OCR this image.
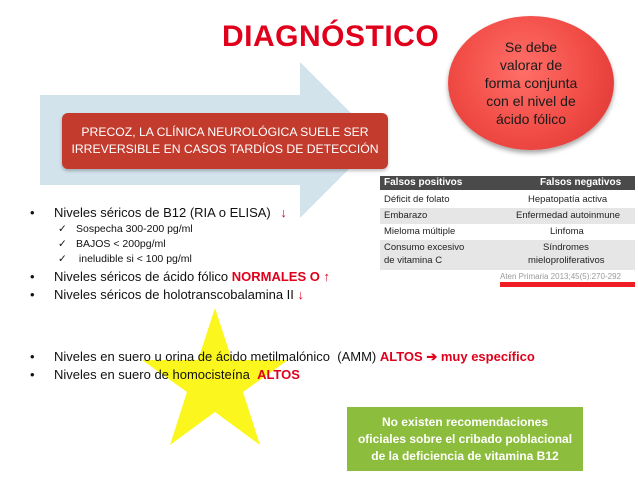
DIAGNÓSTICO
PRECOZ, LA CLÍNICA NEUROLÓGICA SUELE SER
IRREVERSIBLE EN CASOS TARDÍOS DE DETECCIÓN
Se debe
valorar de
forma conjunta
con el nivel de
ácido fólico
Falsos positivos	Falsos negativos
Déficit de folato	Hepatopatía activa
Embarazo	Enfermedad autoinmune
Mieloma múltiple	Linfoma
Consumo excesivo	Síndromes
de vitamina C	mieloproliferativos
Aten Primaria 2013;45(5):270-292
• Niveles séricos de B12 (RIA o ELISA) ↓
✓ Sospecha 300-200 pg/ml
✓ BAJOS < 200pg/ml
✓ ineludible si < 100 pg/ml
• Niveles séricos de ácido fólico NORMALES O ↑
• Niveles séricos de holotranscobalamina II ↓
• Niveles en suero u orina de ácido metilmalónico  (AMM) ALTOS ➔ muy específico
• Niveles en suero de homocisteína  ALTOS
No existen recomendaciones
oficiales sobre el cribado poblacional
de la deficiencia de vitamina B12
